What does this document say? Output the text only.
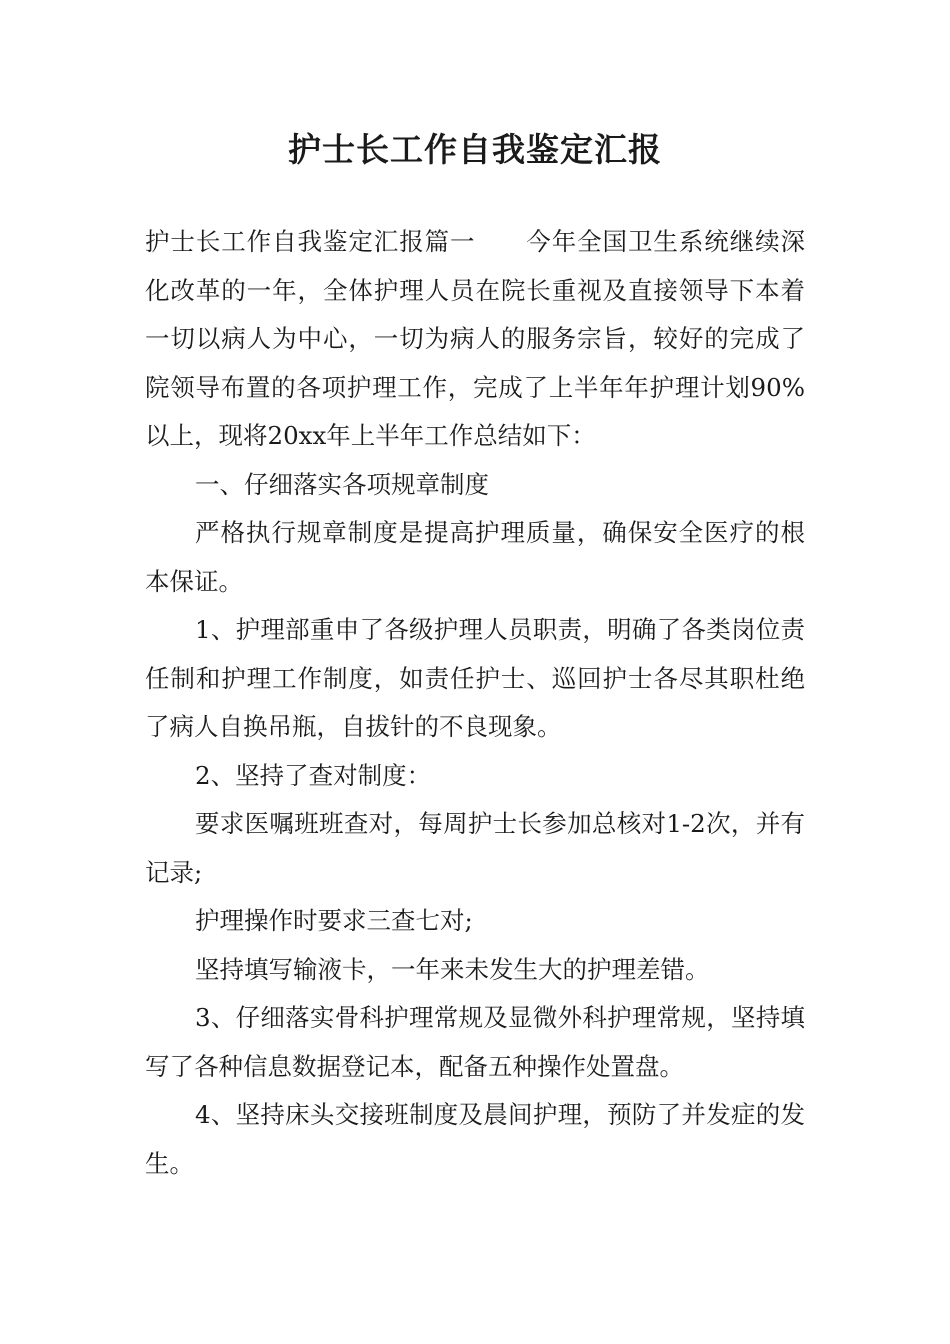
护士长工作自我鉴定汇报

护士长工作自我鉴定汇报篇一　　今年全国卫生系统继续深化改革的一年，全体护理人员在院长重视及直接领导下本着一切以病人为中心，一切为病人的服务宗旨，较好的完成了院领导布置的各项护理工作，完成了上半年年护理计划90%以上，现将20xx年上半年工作总结如下：

一、仔细落实各项规章制度

严格执行规章制度是提高护理质量，确保安全医疗的根本保证。

1、护理部重申了各级护理人员职责，明确了各类岗位责任制和护理工作制度，如责任护士、巡回护士各尽其职杜绝了病人自换吊瓶，自拔针的不良现象。

2、坚持了查对制度：

要求医嘱班班查对，每周护士长参加总核对1-2次，并有记录;

护理操作时要求三查七对;

坚持填写输液卡，一年来未发生大的护理差错。

3、仔细落实骨科护理常规及显微外科护理常规，坚持填写了各种信息数据登记本，配备五种操作处置盘。

4、坚持床头交接班制度及晨间护理，预防了并发症的发生。
